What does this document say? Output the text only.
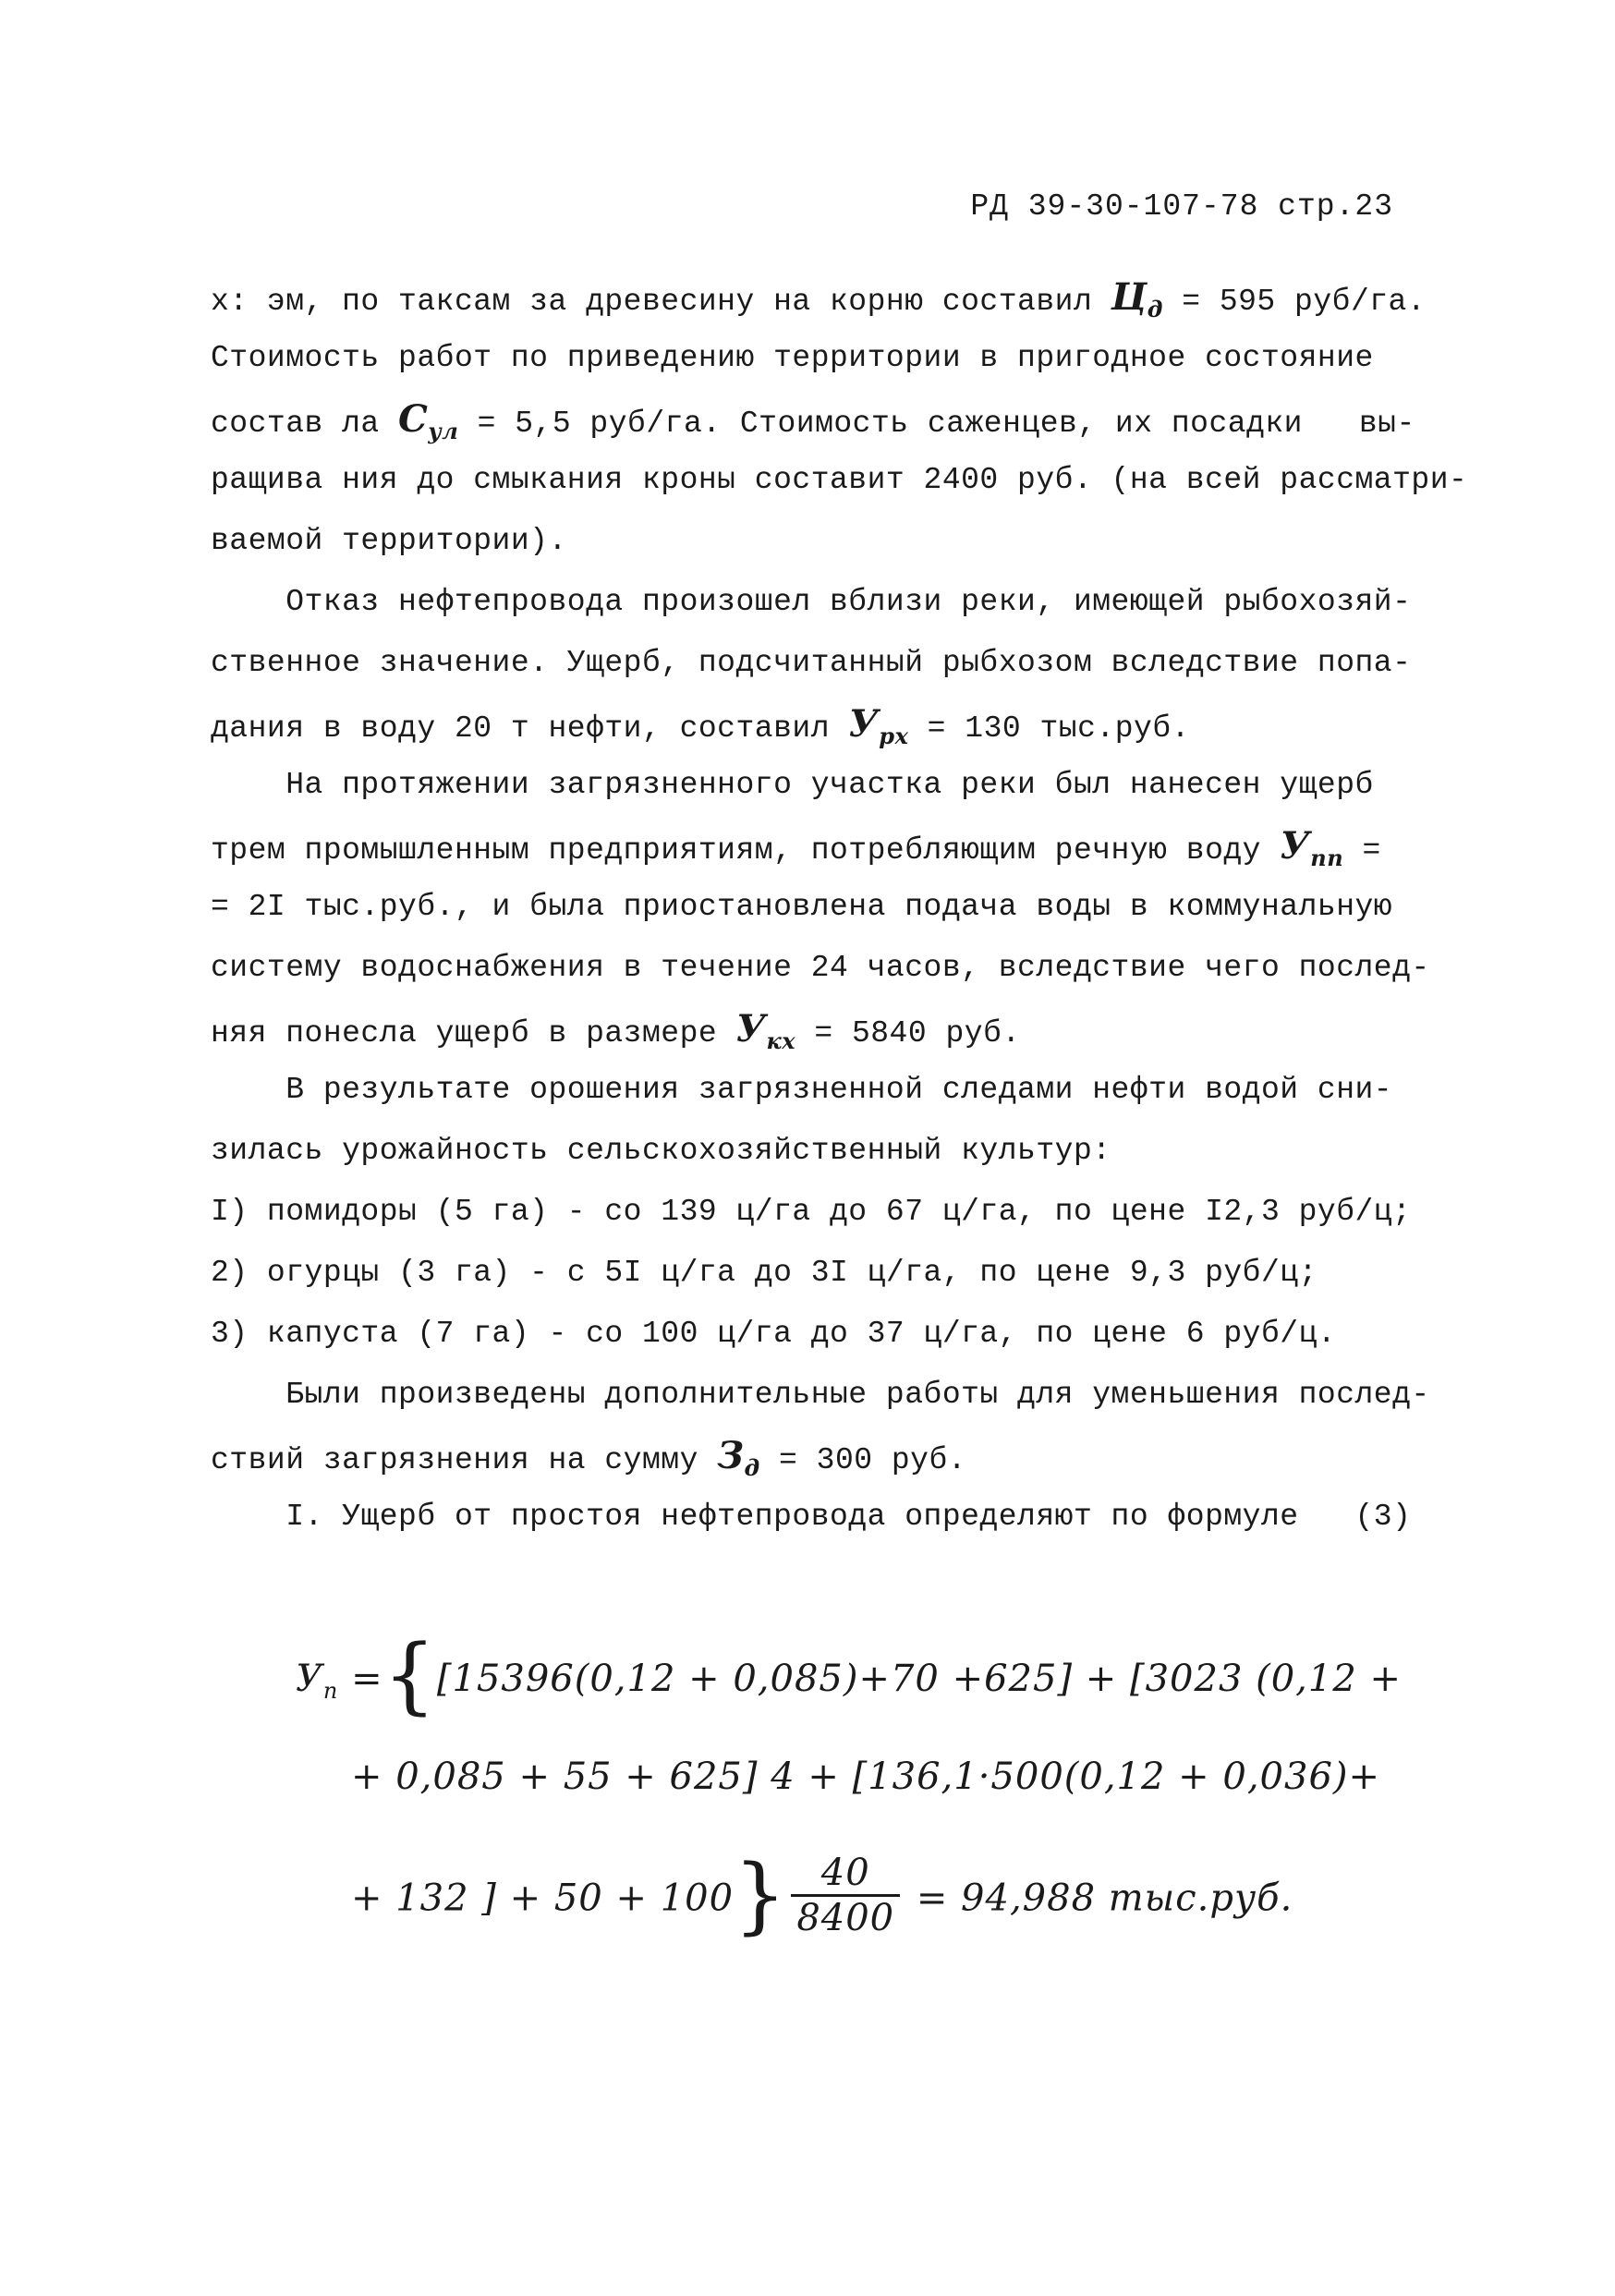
РД 39-30-107-78 стр.23
х: эм, по таксам за древесину на корню составил $Ц_д = 595$ руб/га.
Стоимость работ по приведению территории в пригодное состояние
состав ла $С_{ул} = 5,5$ руб/га. Стоимость саженцев, их посадки   вы-
ращива ния до смыкания кроны составит 2400 руб. (на всей рассматри-
ваемой территории).
Отказ нефтепровода произошел вблизи реки, имеющей рыбохозяй-
ственное значение. Ущерб, подсчитанный рыбхозом вследствие попа-
дания в воду 20 т нефти, составил $У_{рх} = 130$ тыс.руб.
На протяжении загрязненного участка реки был нанесен ущерб
трем промышленным предприятиям, потребляющим речную воду $У_{пп}$ =
= 2I тыс.руб., и была приостановлена подача воды в коммунальную
систему водоснабжения в течение 24 часов, вследствие чего послед-
няя понесла ущерб в размере $У_{кх} = 5840$ руб.
В результате орошения загрязненной следами нефти водой сни-
зилась урожайность сельскохозяйственный культур:
I) помидоры (5 га) - со 139 ц/га до 67 ц/га, по цене I2,3 руб/ц;
2) огурцы (3 га) - с 5I ц/га до 3I ц/га, по цене 9,3 руб/ц;
3) капуста (7 га) - со 100 ц/га до 37 ц/га, по цене 6 руб/ц.
Были произведены дополнительные работы для уменьшения послед-
ствий загрязнения на сумму $З_д = 300$ руб.
I. Ущерб от простоя нефтепровода определяют по формуле   (3)
$У_п =\{[15396(0,12 + 0,085)+70 +625] + [3023$ (0,12 +
+ 0,085 + 55 + 625] 4 + [136,1·500(0,12 + 0,036)+
+ 132 ] + $50 + 100\} \frac{40}{8400} = 94,988$ тыс.руб.
